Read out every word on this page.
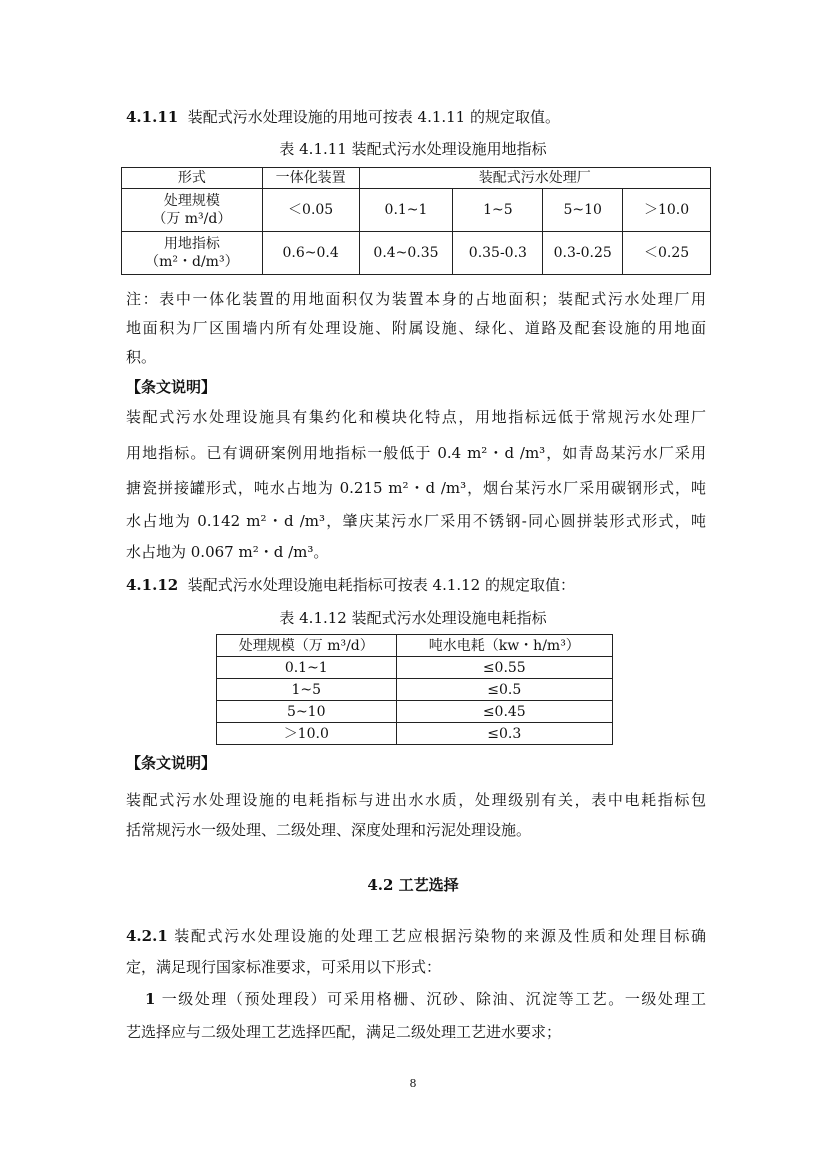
4.1.11 装配式污水处理设施的用地可按表 4.1.11 的规定取值。
表 4.1.11 装配式污水处理设施用地指标
形式	一体化装置	装配式污水处理厂			

处理规模
（万 m³/d）	＜0.05	0.1~1	1~5	5~10	＞10.0

用地指标
（m²・d/m³）	0.6~0.4	0.4~0.35	0.35-0.3	0.3-0.25	＜0.25
注：表中一体化装置的用地面积仅为装置本身的占地面积；装配式污水处理厂用
地面积为厂区围墙内所有处理设施、附属设施、绿化、道路及配套设施的用地面
积。
【条文说明】
装配式污水处理设施具有集约化和模块化特点，用地指标远低于常规污水处理厂
用地指标。已有调研案例用地指标一般低于 0.4 m²・d /m³，如青岛某污水厂采用
搪瓷拼接罐形式，吨水占地为 0.215 m²・d /m³，烟台某污水厂采用碳钢形式，吨
水占地为 0.142 m²・d /m³，肇庆某污水厂采用不锈钢-同心圆拼装形式形式，吨
水占地为 0.067 m²・d /m³。
4.1.12 装配式污水处理设施电耗指标可按表 4.1.12 的规定取值：
表 4.1.12 装配式污水处理设施电耗指标
处理规模（万 m³/d）	吨水电耗（kw・h/m³）
0.1~1	≤0.55
1~5	≤0.5
5~10	≤0.45
＞10.0	≤0.3
【条文说明】
装配式污水处理设施的电耗指标与进出水水质，处理级别有关，表中电耗指标包
括常规污水一级处理、二级处理、深度处理和污泥处理设施。
4.2 工艺选择
4.2.1 装配式污水处理设施的处理工艺应根据污染物的来源及性质和处理目标确
定，满足现行国家标准要求，可采用以下形式：
1 一级处理（预处理段）可采用格栅、沉砂、除油、沉淀等工艺。一级处理工
艺选择应与二级处理工艺选择匹配，满足二级处理工艺进水要求；
8
